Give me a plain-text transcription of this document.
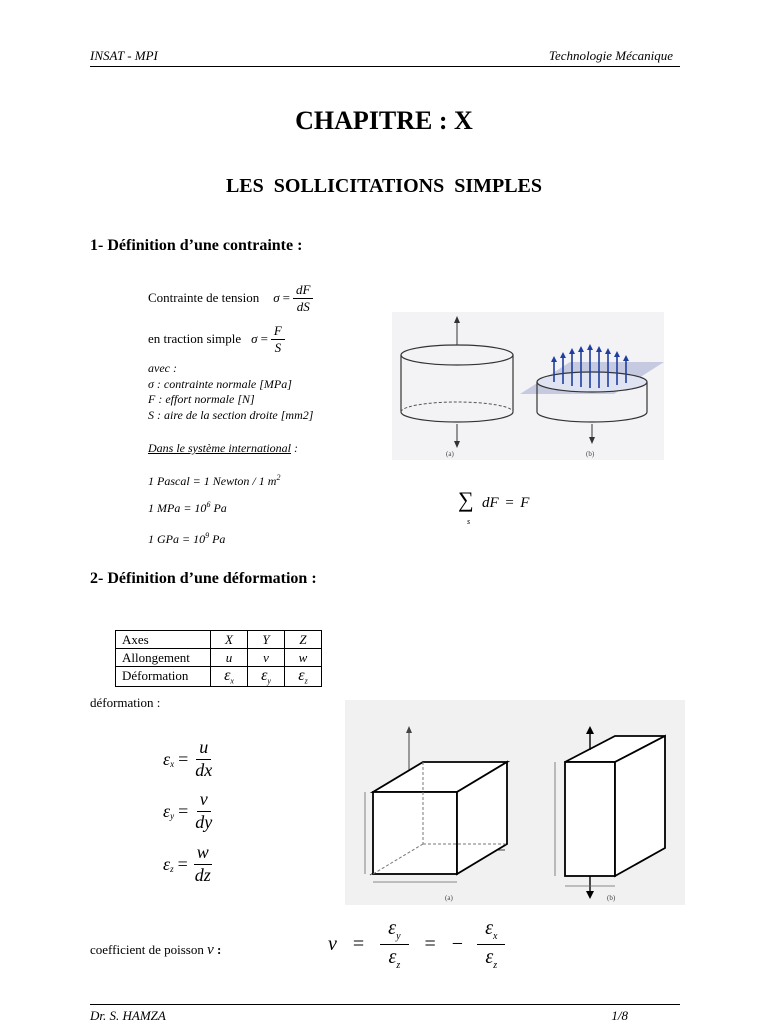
INSAT - MPI	Technologie Mécanique
CHAPITRE : X
LES  SOLLICITATIONS  SIMPLES
1- Définition d’une contrainte :
Contrainte de tension $\sigma = \frac{dF}{dS}$
en traction simple $\sigma = \frac{F}{S}$
avec :
σ : contrainte normale [MPa]
F : effort normale [N]
S : aire de la section droite [mm2]
Dans le système international :
1 Pascal = 1 Newton / 1 $m^2$
1 MPa = $10^6$ Pa
1 GPa = $10^9$ Pa
(a)	(b)
∑
s
dF = F
2- Définition d’une déformation :
Axes	X	Y	Z
Allongement	u	v	w
Déformation	$\varepsilon_x$	$\varepsilon_y$	$\varepsilon_z$
déformation :
$\varepsilon_x = \frac{u}{dx}$
$\varepsilon_y = \frac{v}{dy}$
$\varepsilon_z = \frac{w}{dz}$
(a)	(b)
coefficient de poisson ν :	$\nu = \frac{\varepsilon_y}{\varepsilon_z}$ = − $\frac{\varepsilon_x}{\varepsilon_z}$
Dr. S. HAMZA	1/8
